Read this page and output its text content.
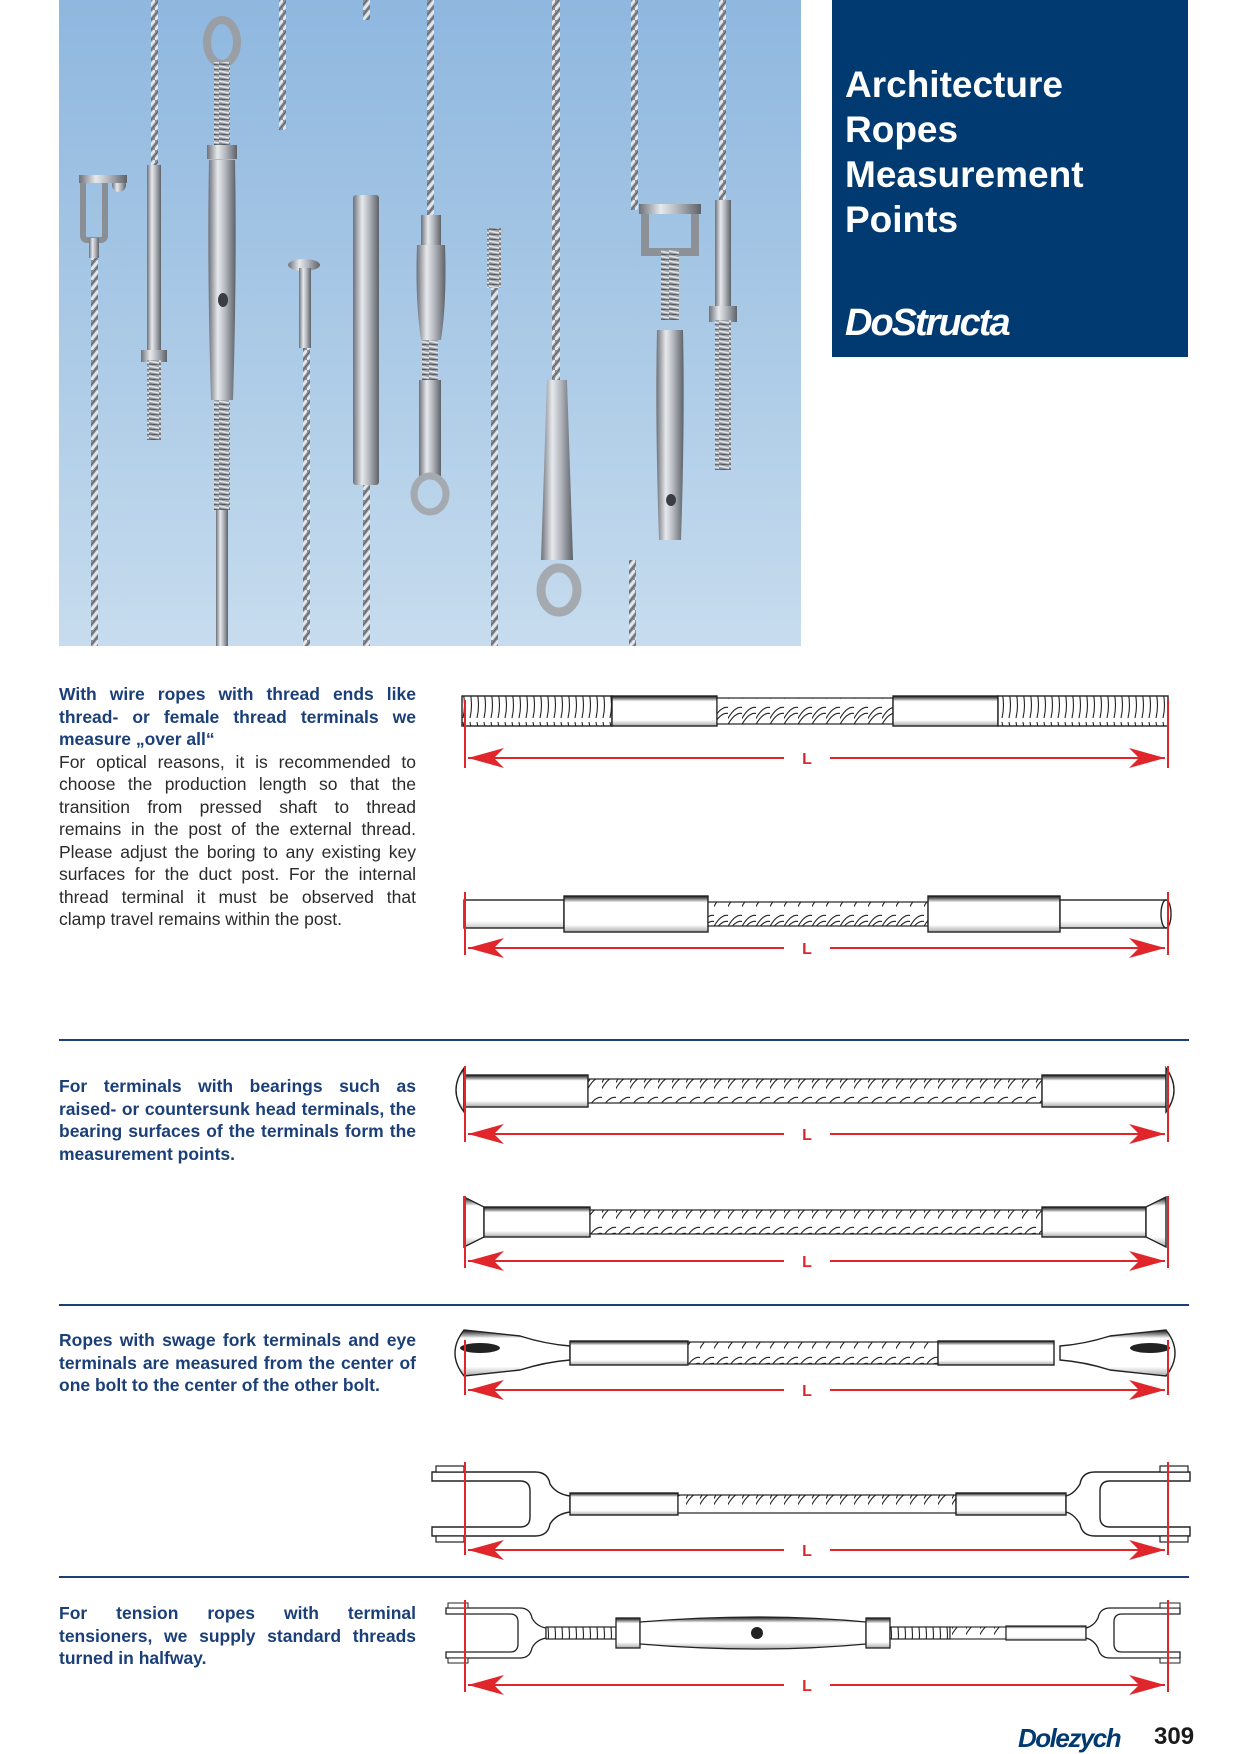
Architecture
Ropes
Measurement
Points
DoStructa
With wire ropes with thread ends like thread- or female thread terminals we measure „over all“
For optical reasons, it is recommended to choose the production length so that the transition from pressed shaft to thread remains in the post of the external thread. Please adjust the boring to any existing key surfaces for the duct post. For the internal thread terminal it must be observed that clamp travel remains within the post.
For terminals with bearings such as raised- or countersunk head terminals, the bearing surfaces of the terminals form the measurement points.
Ropes with swage fork terminals and eye terminals are measured from the center of one bolt to the center of the other bolt.
For tension ropes with terminal tensioners, we supply standard threads turned in halfway.
L
L
L
L
L
L
L
Dolezych 309
